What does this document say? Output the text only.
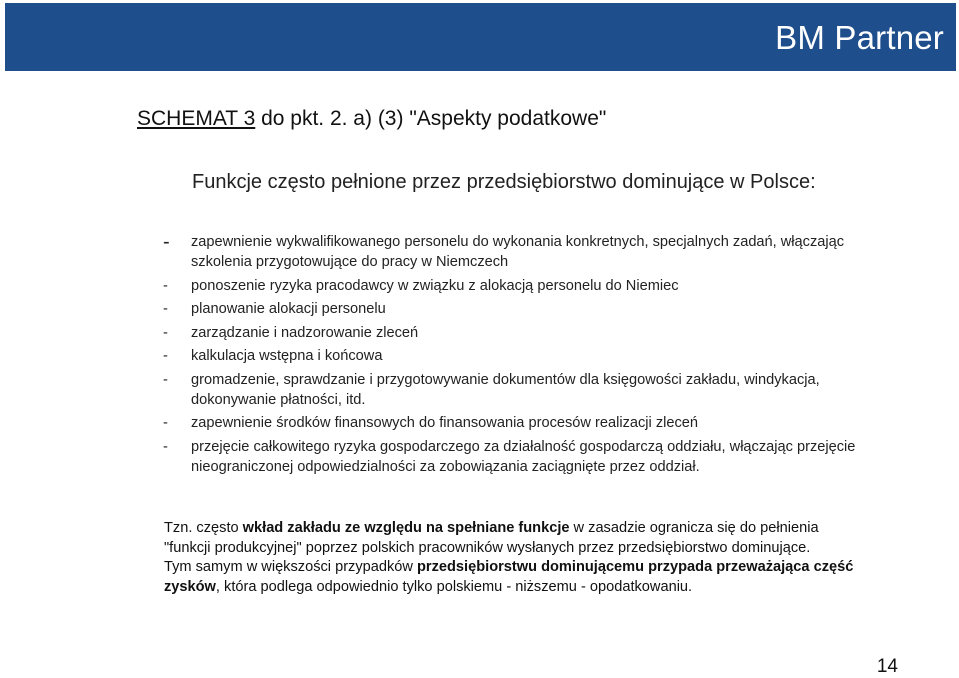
BM Partner
SCHEMAT 3 do pkt. 2. a) (3) "Aspekty podatkowe"
Funkcje często pełnione przez przedsiębiorstwo dominujące w Polsce:
-	zapewnienie wykwalifikowanego personelu do wykonania konkretnych, specjalnych zadań, włączając szkolenia przygotowujące do pracy w Niemczech
-	ponoszenie ryzyka pracodawcy w związku z alokacją personelu do Niemiec
-	planowanie alokacji personelu
-	zarządzanie i nadzorowanie zleceń
-	kalkulacja wstępna i końcowa
-	gromadzenie, sprawdzanie i przygotowywanie dokumentów dla księgowości zakładu, windykacja, dokonywanie płatności, itd.
-	zapewnienie środków finansowych do finansowania procesów realizacji zleceń
-	przejęcie całkowitego ryzyka gospodarczego za działalność gospodarczą oddziału, włączając przejęcie nieograniczonej odpowiedzialności za zobowiązania zaciągnięte przez oddział.

Tzn. często wkład zakładu ze względu na spełniane funkcje w zasadzie ogranicza się do pełnienia "funkcji produkcyjnej" poprzez polskich pracowników wysłanych przez przedsiębiorstwo dominujące.

Tym samym w większości przypadków przedsiębiorstwu dominującemu przypada przeważająca część zysków, która podlega odpowiednio tylko polskiemu - niższemu - opodatkowaniu.

14
